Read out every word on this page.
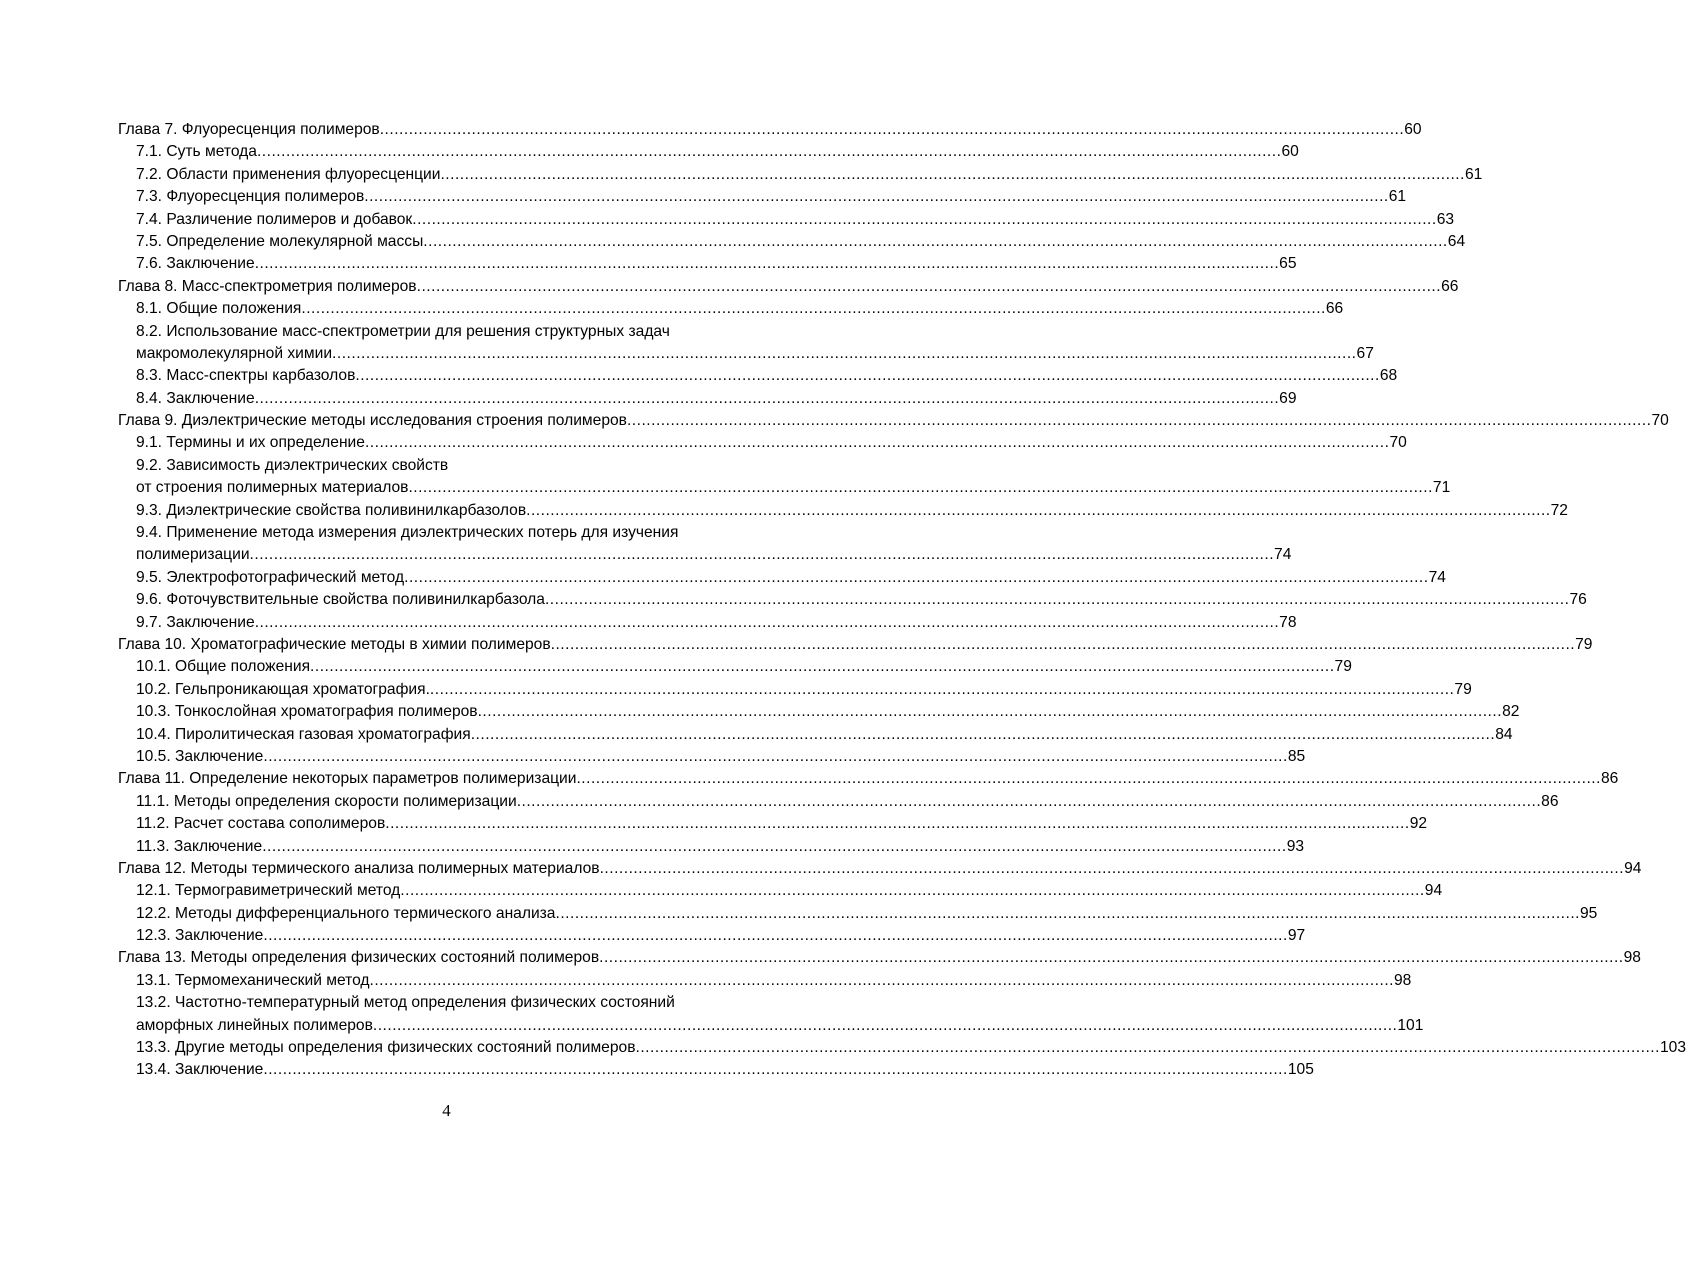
Глава 7. Флуоресценция полимеров .....	60
7.1. Суть метода .....	60
7.2. Области применения флуоресценции .....	61
7.3. Флуоресценция полимеров .....	61
7.4. Различение полимеров и добавок .....	63
7.5. Определение молекулярной массы .....	64
7.6. Заключение .....	65
Глава 8. Масс-спектрометрия полимеров .....	66
8.1. Общие положения .....	66
8.2. Использование масс-спектрометрии для решения структурных задач
макромолекулярной химии .....	67
8.3. Масс-спектры карбазолов .....	68
8.4. Заключение .....	69
Глава 9. Диэлектрические методы исследования строения полимеров .....	70
9.1. Термины и их определение .....	70
9.2. Зависимость диэлектрических свойств
от строения полимерных материалов .....	71
9.3. Диэлектрические свойства поливинилкарбазолов .....	72
9.4. Применение метода измерения диэлектрических потерь для изучения
полимеризации .....	74
9.5. Электрофотографический метод .....	74
9.6. Фоточувствительные свойства поливинилкарбазола .....	76
9.7. Заключение .....	78
Глава 10. Хроматографические методы в химии полимеров .....	79
10.1. Общие положения .....	79
10.2. Гельпроникающая хроматография. .....	79
10.3. Тонкослойная хроматография полимеров .....	82
10.4. Пиролитическая газовая хроматография .....	84
10.5. Заключение .....	85
Глава 11. Определение некоторых параметров полимеризации .....	86
11.1. Методы определения скорости полимеризации .....	86
11.2. Расчет состава сополимеров .....	92
11.3. Заключение .....	93
Глава 12. Методы термического анализа полимерных материалов .....	94
12.1. Термогравиметрический метод .....	94
12.2. Методы дифференциального термического анализа .....	95
12.3. Заключение .....	97
Глава 13. Методы определения физических состояний полимеров .....	98
13.1. Термомеханический метод .....	98
13.2. Частотно-температурный метод определения физических состояний
аморфных линейных полимеров .....	101
13.3. Другие методы определения физических состояний полимеров .....	103
13.4. Заключение .....	105
4
